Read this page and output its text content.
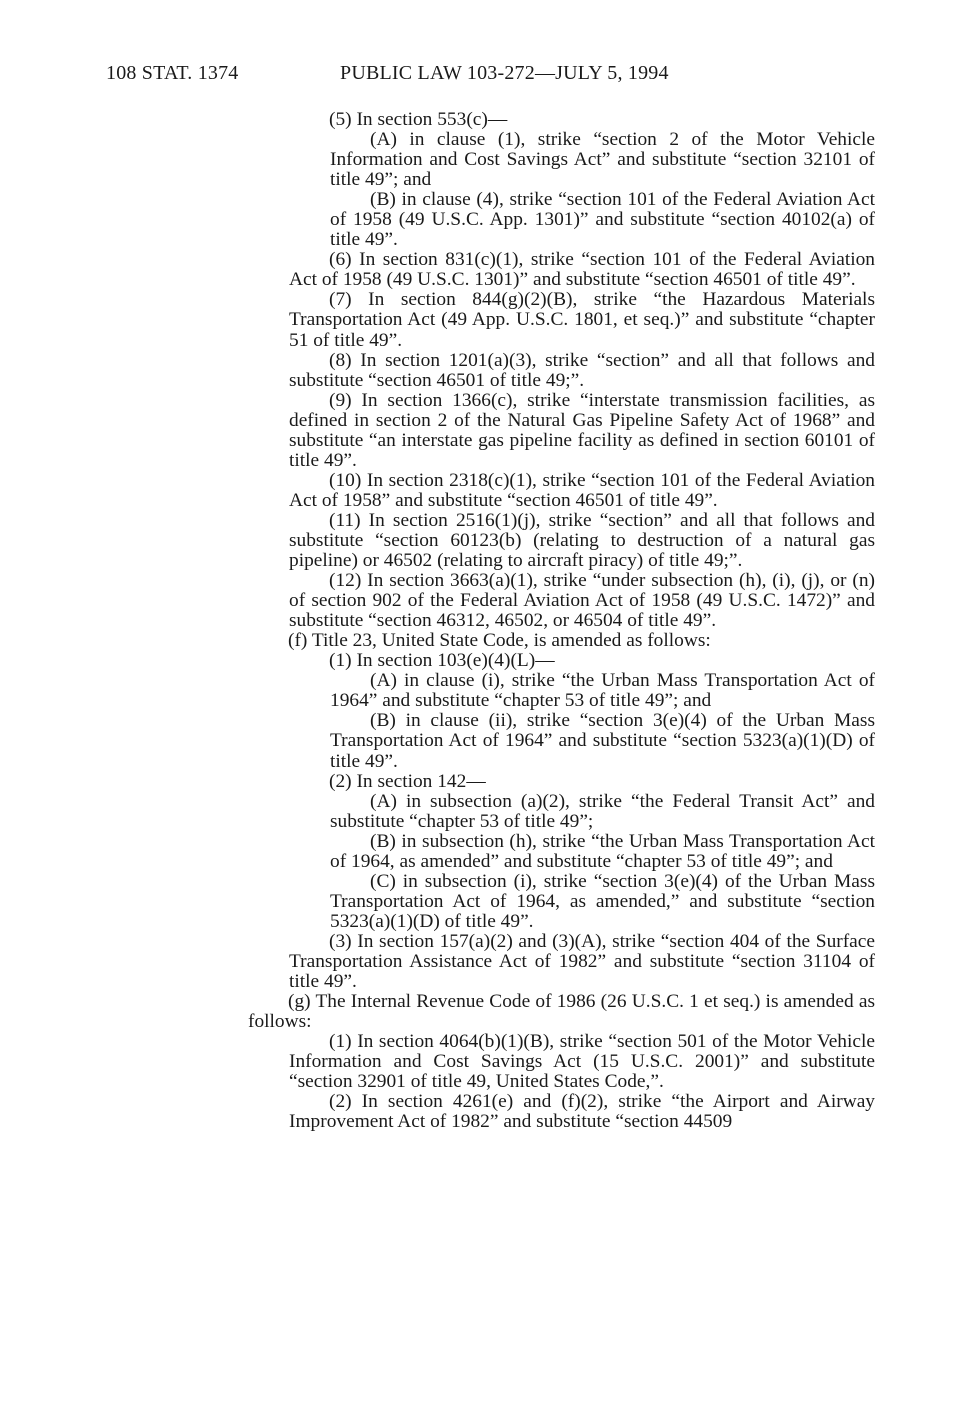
108 STAT. 1374	PUBLIC LAW 103-272—JULY 5, 1994

(5) In section 553(c)—

(A) in clause (1), strike “section 2 of the Motor Vehicle Information and Cost Savings Act” and substitute “section 32101 of title 49”; and

(B) in clause (4), strike “section 101 of the Federal Aviation Act of 1958 (49 U.S.C. App. 1301)” and substitute “section 40102(a) of title 49”.

(6) In section 831(c)(1), strike “section 101 of the Federal Aviation Act of 1958 (49 U.S.C. 1301)” and substitute “section 46501 of title 49”.

(7) In section 844(g)(2)(B), strike “the Hazardous Materials Transportation Act (49 App. U.S.C. 1801, et seq.)” and substitute “chapter 51 of title 49”.

(8) In section 1201(a)(3), strike “section” and all that follows and substitute “section 46501 of title 49;”.

(9) In section 1366(c), strike “interstate transmission facilities, as defined in section 2 of the Natural Gas Pipeline Safety Act of 1968” and substitute “an interstate gas pipeline facility as defined in section 60101 of title 49”.

(10) In section 2318(c)(1), strike “section 101 of the Federal Aviation Act of 1958” and substitute “section 46501 of title 49”.

(11) In section 2516(1)(j), strike “section” and all that follows and substitute “section 60123(b) (relating to destruction of a natural gas pipeline) or 46502 (relating to aircraft piracy) of title 49;”.

(12) In section 3663(a)(1), strike “under subsection (h), (i), (j), or (n) of section 902 of the Federal Aviation Act of 1958 (49 U.S.C. 1472)” and substitute “section 46312, 46502, or 46504 of title 49”.

(f) Title 23, United State Code, is amended as follows:

(1) In section 103(e)(4)(L)—

(A) in clause (i), strike “the Urban Mass Transportation Act of 1964” and substitute “chapter 53 of title 49”; and

(B) in clause (ii), strike “section 3(e)(4) of the Urban Mass Transportation Act of 1964” and substitute “section 5323(a)(1)(D) of title 49”.

(2) In section 142—

(A) in subsection (a)(2), strike “the Federal Transit Act” and substitute “chapter 53 of title 49”;

(B) in subsection (h), strike “the Urban Mass Transportation Act of 1964, as amended” and substitute “chapter 53 of title 49”; and

(C) in subsection (i), strike “section 3(e)(4) of the Urban Mass Transportation Act of 1964, as amended,” and substitute “section 5323(a)(1)(D) of title 49”.

(3) In section 157(a)(2) and (3)(A), strike “section 404 of the Surface Transportation Assistance Act of 1982” and substitute “section 31104 of title 49”.

(g) The Internal Revenue Code of 1986 (26 U.S.C. 1 et seq.) is amended as follows:

(1) In section 4064(b)(1)(B), strike “section 501 of the Motor Vehicle Information and Cost Savings Act (15 U.S.C. 2001)” and substitute “section 32901 of title 49, United States Code,”.

(2) In section 4261(e) and (f)(2), strike “the Airport and Airway Improvement Act of 1982” and substitute “section 44509
